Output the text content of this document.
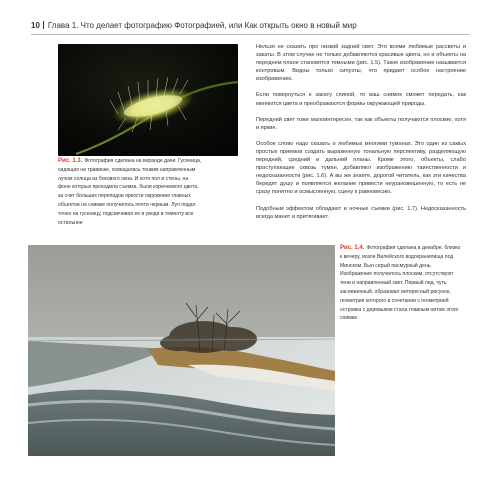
10 Глава 1. Что делает фотографию Фотографией, или Как открыть окно в новый мир
Рис. 1.3. Фотография сделана на веранде дачи. Гусеница, сидящая на травинке, освещалась тонким направленным лучом солнца из бокового окна. И хотя пол и стены, на фоне которых проходила съемка, были коричневого цвета, за счет больших перепадов яркости окружение главных объектов на снимке получилось почти черным. Луч подал точно на гусеницу, подсвечивая ее и уводя в темноту все остальное

Нельзя не сказать про низкий задний свет. Это всеми любимые рассветы и закаты. В этом случае не только добавляются красивые цвета, но и объекты на переднем плане становятся темными (рис. 1.5). Такое изображение называется контровым. Видны только силуэты, что придает особое настроение изображению.

Если повернуться к закату спиной, то ваш снимок сможет передать, как меняются цвета и преображаются формы окружающей природы.

Передний свет тоже малоинтересен, так как объекты получаются плоские, хотя и яркие.

Особое слово надо сказать о любимых многими туманах. Это один из самых простых приемов создать выраженную тональную перспективу, разделяющую передний, средний и дальний планы. Кроме этого, объекты, слабо проступающие сквозь туман, добавляют изображению таинственности и недосказанности (рис. 1.6). А вы же знаете, дорогой читатель, как эти качества бередят душу и появляется желание привести неурановешенную, то есть не сразу понятно и осмысленную, сцену к равновесию.

Подобным эффектом обладают и ночные съемки (рис. 1.7). Недосказанность всегда манит и притягивает.

Рис. 1.4. Фотография сделана в декабре, близко к вечеру, возле Вилейского водохранилища под Минском. Был серый пасмурный день. Изображение получилось плоским, отсутствуют тени и направленный свет. Первый лед, чуть заснеженный, образовал интересный рисунок, геометрия которого в сочетании с геометрией островка с деревьями стала главным нитом этого снимка
